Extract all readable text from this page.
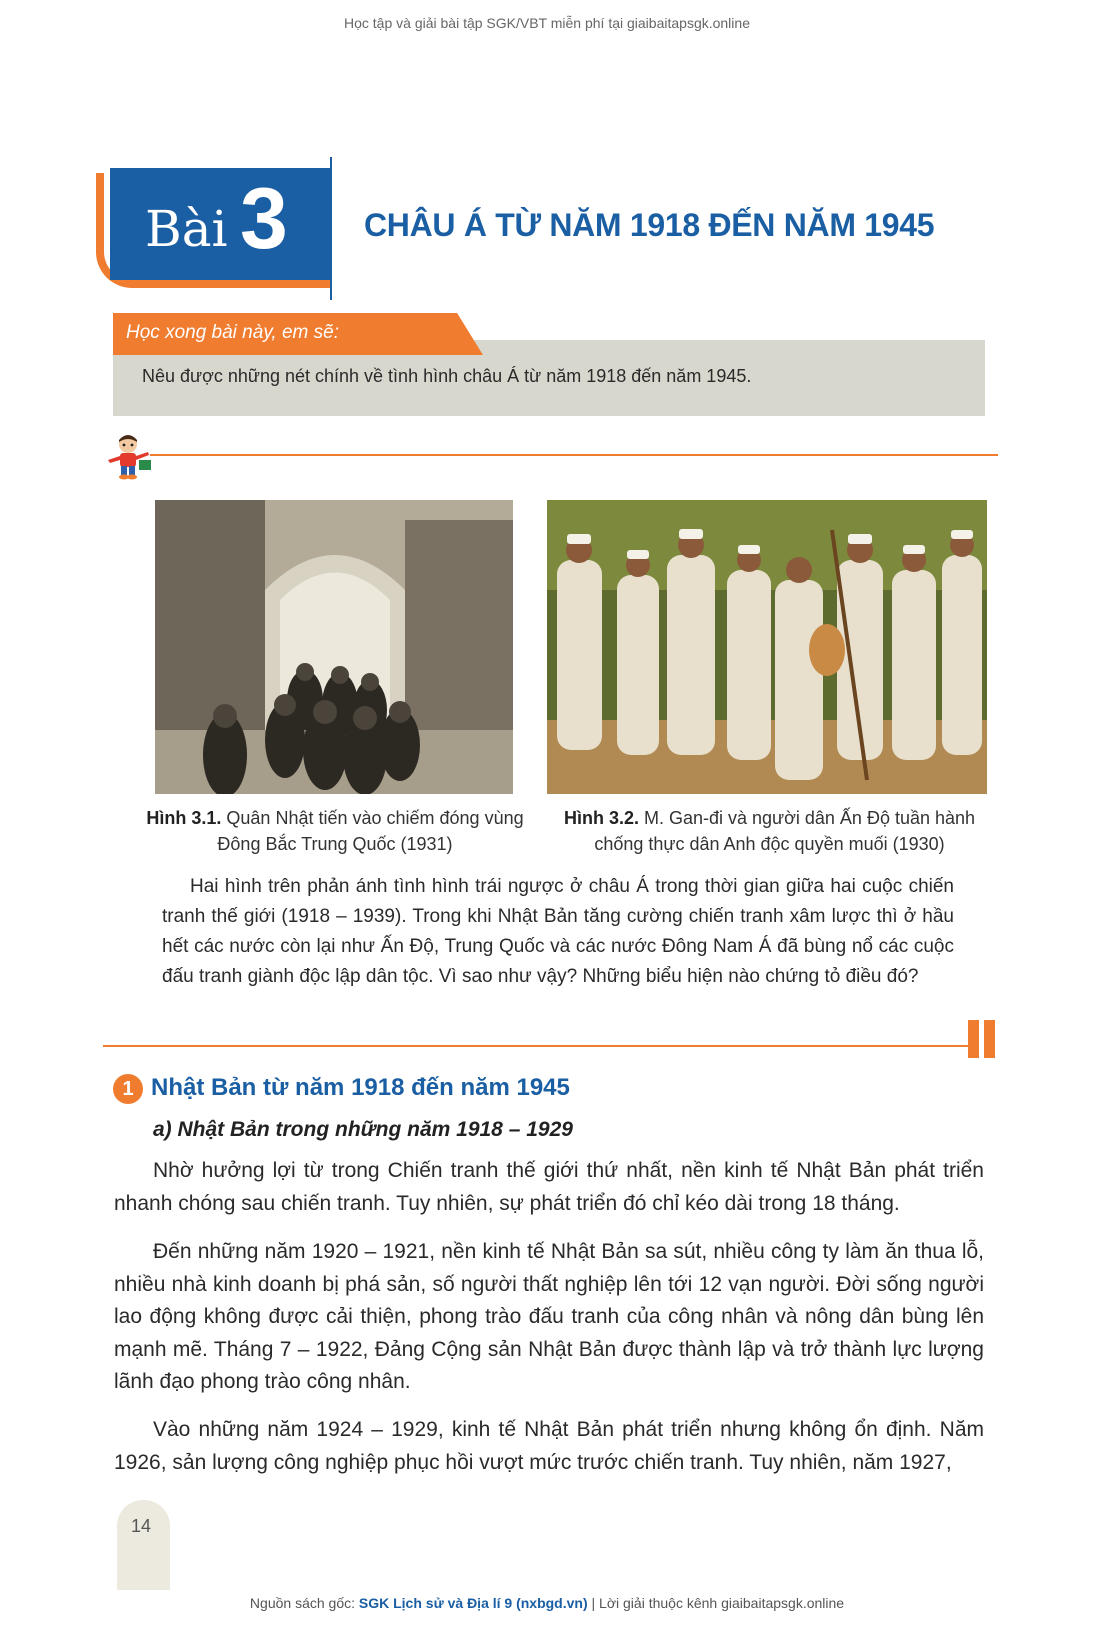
Học tập và giải bài tập SGK/VBT miễn phí tại giaibaitapsgk.online
Bài 3 CHÂU Á TỪ NĂM 1918 ĐẾN NĂM 1945
Học xong bài này, em sẽ:
Nêu được những nét chính về tình hình châu Á từ năm 1918 đến năm 1945.
Hình 3.1. Quân Nhật tiến vào chiếm đóng vùng Đông Bắc Trung Quốc (1931)
Hình 3.2. M. Gan-đi và người dân Ấn Độ tuần hành chống thực dân Anh độc quyền muối (1930)
Hai hình trên phản ánh tình hình trái ngược ở châu Á trong thời gian giữa hai cuộc chiến tranh thế giới (1918 – 1939). Trong khi Nhật Bản tăng cường chiến tranh xâm lược thì ở hầu hết các nước còn lại như Ấn Độ, Trung Quốc và các nước Đông Nam Á đã bùng nổ các cuộc đấu tranh giành độc lập dân tộc. Vì sao như vậy? Những biểu hiện nào chứng tỏ điều đó?
1 Nhật Bản từ năm 1918 đến năm 1945
a) Nhật Bản trong những năm 1918 – 1929
Nhờ hưởng lợi từ trong Chiến tranh thế giới thứ nhất, nền kinh tế Nhật Bản phát triển nhanh chóng sau chiến tranh. Tuy nhiên, sự phát triển đó chỉ kéo dài trong 18 tháng.
Đến những năm 1920 – 1921, nền kinh tế Nhật Bản sa sút, nhiều công ty làm ăn thua lỗ, nhiều nhà kinh doanh bị phá sản, số người thất nghiệp lên tới 12 vạn người. Đời sống người lao động không được cải thiện, phong trào đấu tranh của công nhân và nông dân bùng lên mạnh mẽ. Tháng 7 – 1922, Đảng Cộng sản Nhật Bản được thành lập và trở thành lực lượng lãnh đạo phong trào công nhân.
Vào những năm 1924 – 1929, kinh tế Nhật Bản phát triển nhưng không ổn định. Năm 1926, sản lượng công nghiệp phục hồi vượt mức trước chiến tranh. Tuy nhiên, năm 1927,
14
Nguồn sách gốc: SGK Lịch sử và Địa lí 9 (nxbgd.vn) | Lời giải thuộc kênh giaibaitapsgk.online
